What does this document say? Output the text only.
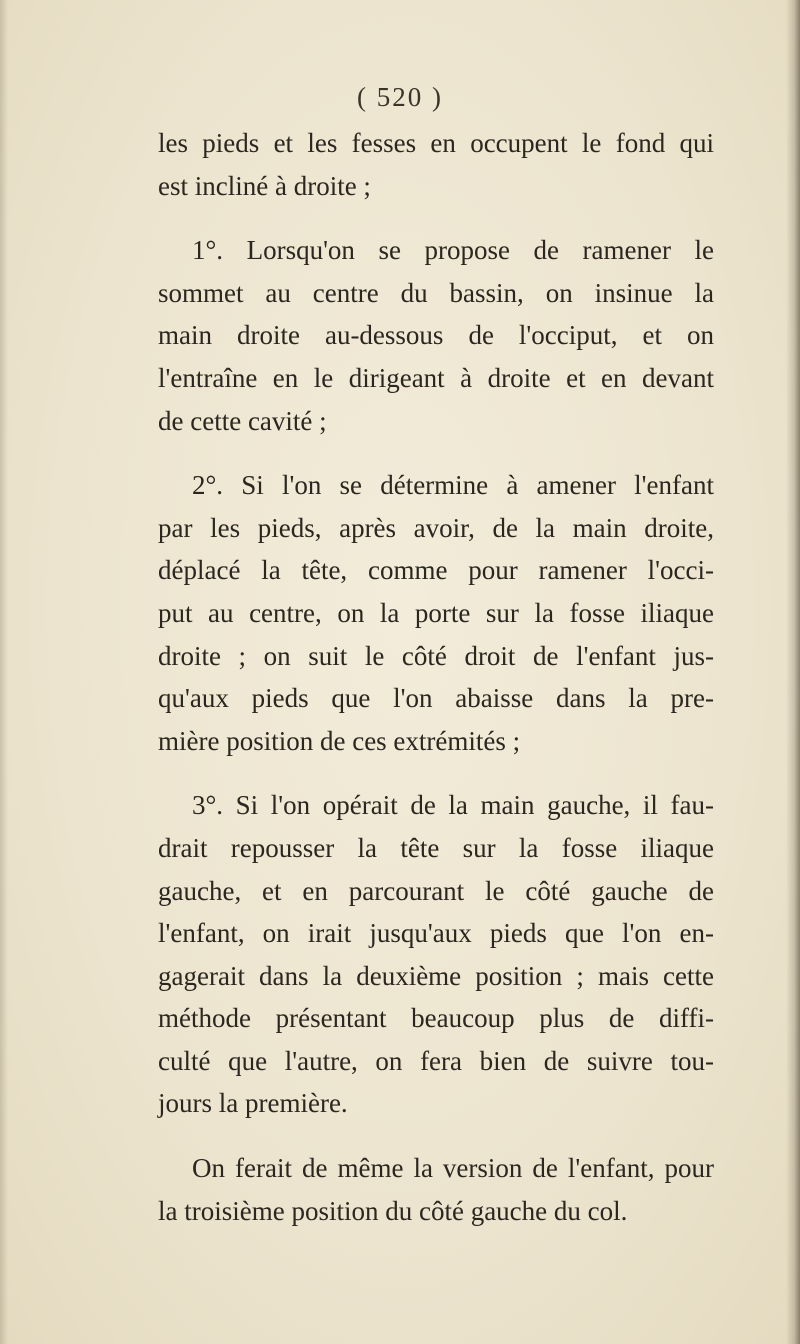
( 520 )
les pieds et les fesses en occupent le fond qui
est incliné à droite ;
1°. Lorsqu'on se propose de ramener le
sommet au centre du bassin, on insinue la
main droite au-dessous de l'occiput, et on
l'entraîne en le dirigeant à droite et en devant
de cette cavité ;
2°. Si l'on se détermine à amener l'enfant
par les pieds, après avoir, de la main droite,
déplacé la tête, comme pour ramener l'occi-
put au centre, on la porte sur la fosse iliaque
droite ; on suit le côté droit de l'enfant jus-
qu'aux pieds que l'on abaisse dans la pre-
mière position de ces extrémités ;
3°. Si l'on opérait de la main gauche, il fau-
drait repousser la tête sur la fosse iliaque
gauche, et en parcourant le côté gauche de
l'enfant, on irait jusqu'aux pieds que l'on en-
gagerait dans la deuxième position ; mais cette
méthode présentant beaucoup plus de diffi-
culté que l'autre, on fera bien de suivre tou-
jours la première.
On ferait de même la version de l'enfant, pour
la troisième position du côté gauche du col.
